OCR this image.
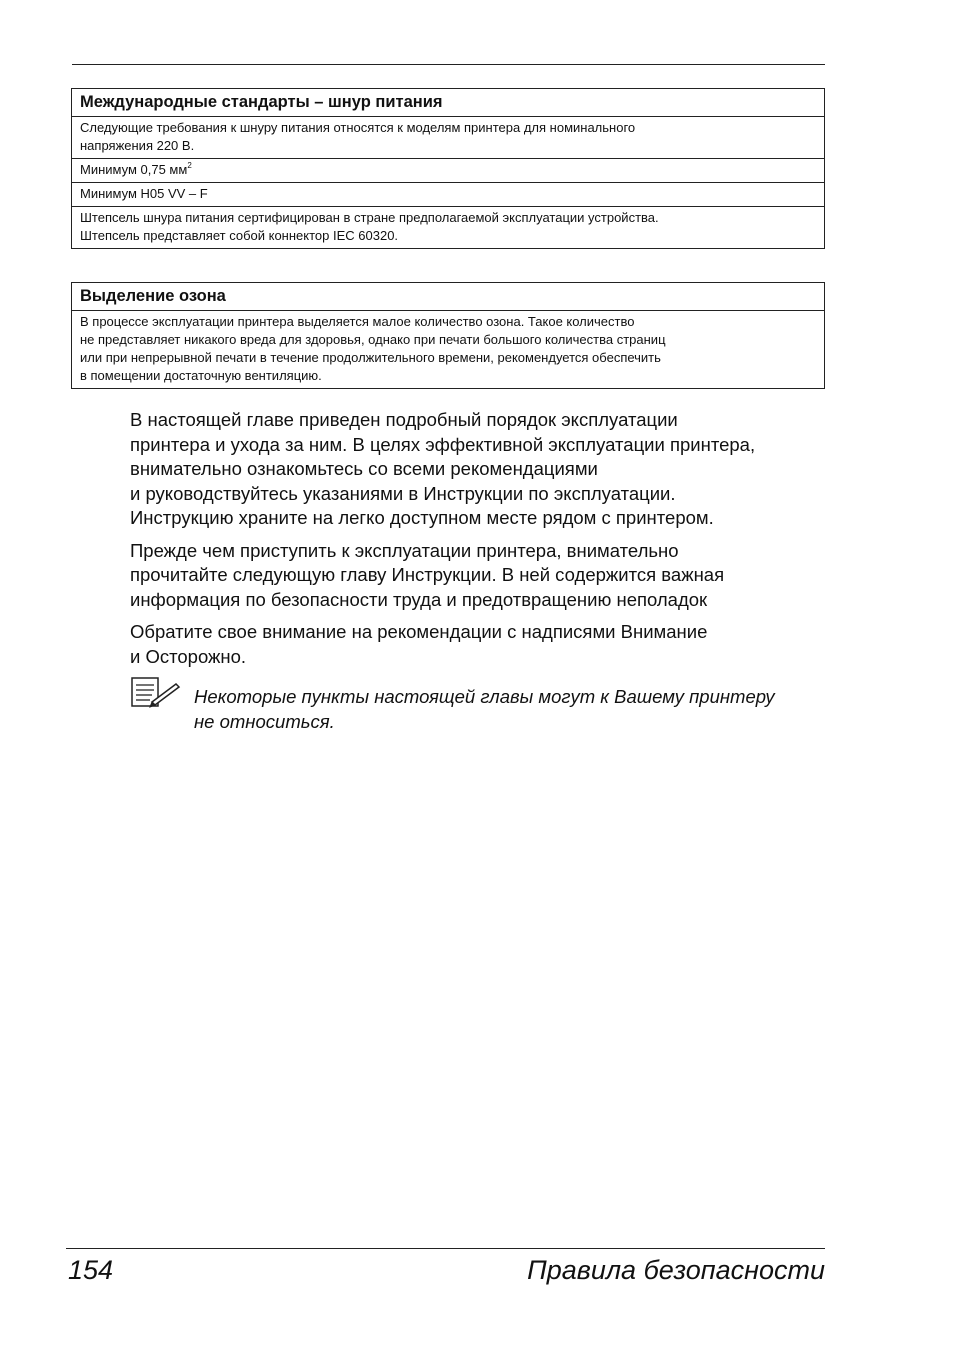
Международные стандарты – шнур питания
Следующие требования к шнуру питания относятся к моделям принтера для номинального
напряжения 220 В.
Минимум 0,75 $мм^2$
Минимум H05 VV – F
Штепсель шнура питания сертифицирован в стране предполагаемой эксплуатации устройства.
Штепсель представляет собой коннектор IEC 60320.
Выделение озона
В процессе эксплуатации принтера выделяется малое количество озона. Такое количество
не представляет никакого вреда для здоровья, однако при печати большого количества страниц
или при непрерывной печати в течение продолжительного времени, рекомендуется обеспечить
в помещении достаточную вентиляцию.

В настоящей главе приведен подробный порядок эксплуатации
принтера и ухода за ним. В целях эффективной эксплуатации принтера,
внимательно ознакомьтесь со всеми рекомендациями
и руководствуйтесь указаниями в Инструкции по эксплуатации.
Инструкцию храните на легко доступном месте рядом с принтером.

Прежде чем приступить к эксплуатации принтера, внимательно
прочитайте следующую главу Инструкции. В ней содержится важная
информация по безопасности труда и предотвращению неполадок

Обратите свое внимание на рекомендации с надписями Внимание
и Осторожно.

Некоторые пункты настоящей главы могут к Вашему принтеру
не относиться.
154	Правила безопасности
